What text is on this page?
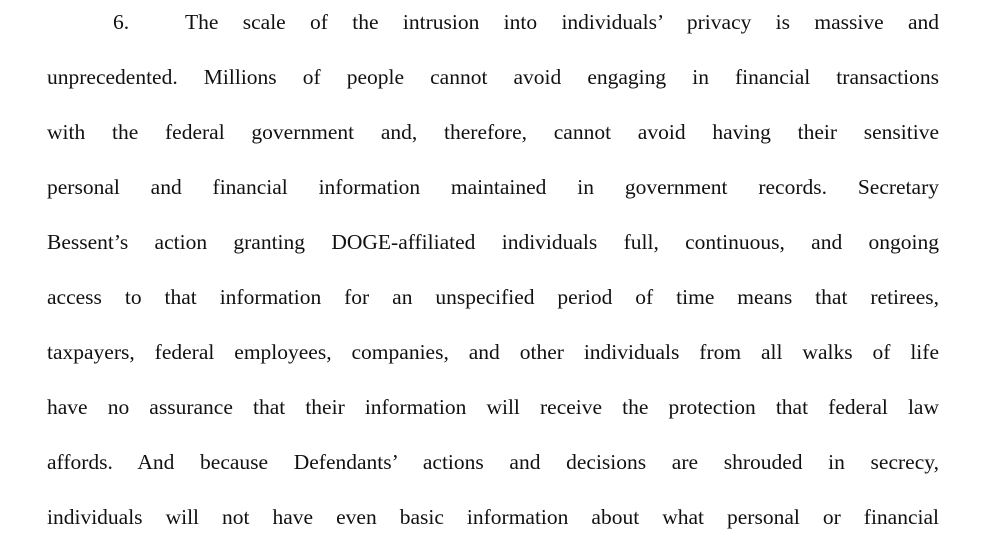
6.	The scale of the intrusion into individuals’ privacy is massive and
unprecedented. Millions of people cannot avoid engaging in financial transactions
with the federal government and, therefore, cannot avoid having their sensitive
personal and financial information maintained in government records. Secretary
Bessent’s action granting DOGE-affiliated individuals full, continuous, and ongoing
access to that information for an unspecified period of time means that retirees,
taxpayers, federal employees, companies, and other individuals from all walks of life
have no assurance that their information will receive the protection that federal law
affords. And because Defendants’ actions and decisions are shrouded in secrecy,
individuals will not have even basic information about what personal or financial
